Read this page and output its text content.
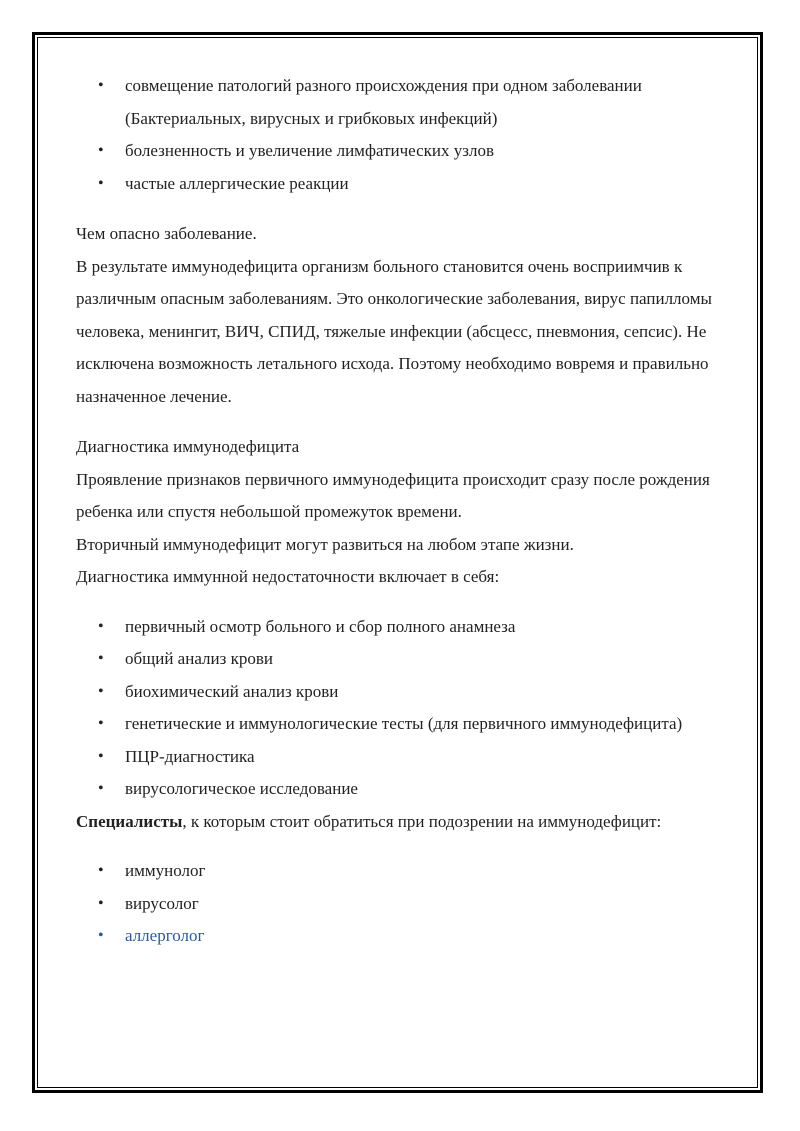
• совмещение патологий разного происхождения при одном заболевании (Бактериальных, вирусных и грибковых инфекций)
• болезненность и увеличение лимфатических узлов
• частые аллергические реакции

Чем опасно заболевание.

В результате иммунодефицита организм больного становится очень восприимчив к различным опасным заболеваниям. Это онкологические заболевания, вирус папилломы человека, менингит, ВИЧ, СПИД, тяжелые инфекции (абсцесс, пневмония, сепсис). Не исключена возможность летального исхода. Поэтому необходимо вовремя и правильно назначенное лечение.

Диагностика иммунодефицита

Проявление признаков первичного иммунодефицита происходит сразу после рождения ребенка или спустя небольшой промежуток времени.

Вторичный иммунодефицит могут развиться на любом этапе жизни.

Диагностика иммунной недостаточности включает в себя:

• первичный осмотр больного и сбор полного анамнеза
• общий анализ крови
• биохимический анализ крови
• генетические и иммунологические тесты (для первичного иммунодефицита)
• ПЦР-диагностика
• вирусологическое исследование

Специалисты, к которым стоит обратиться при подозрении на иммунодефицит:

• иммунолог
• вирусолог
• аллерголог
